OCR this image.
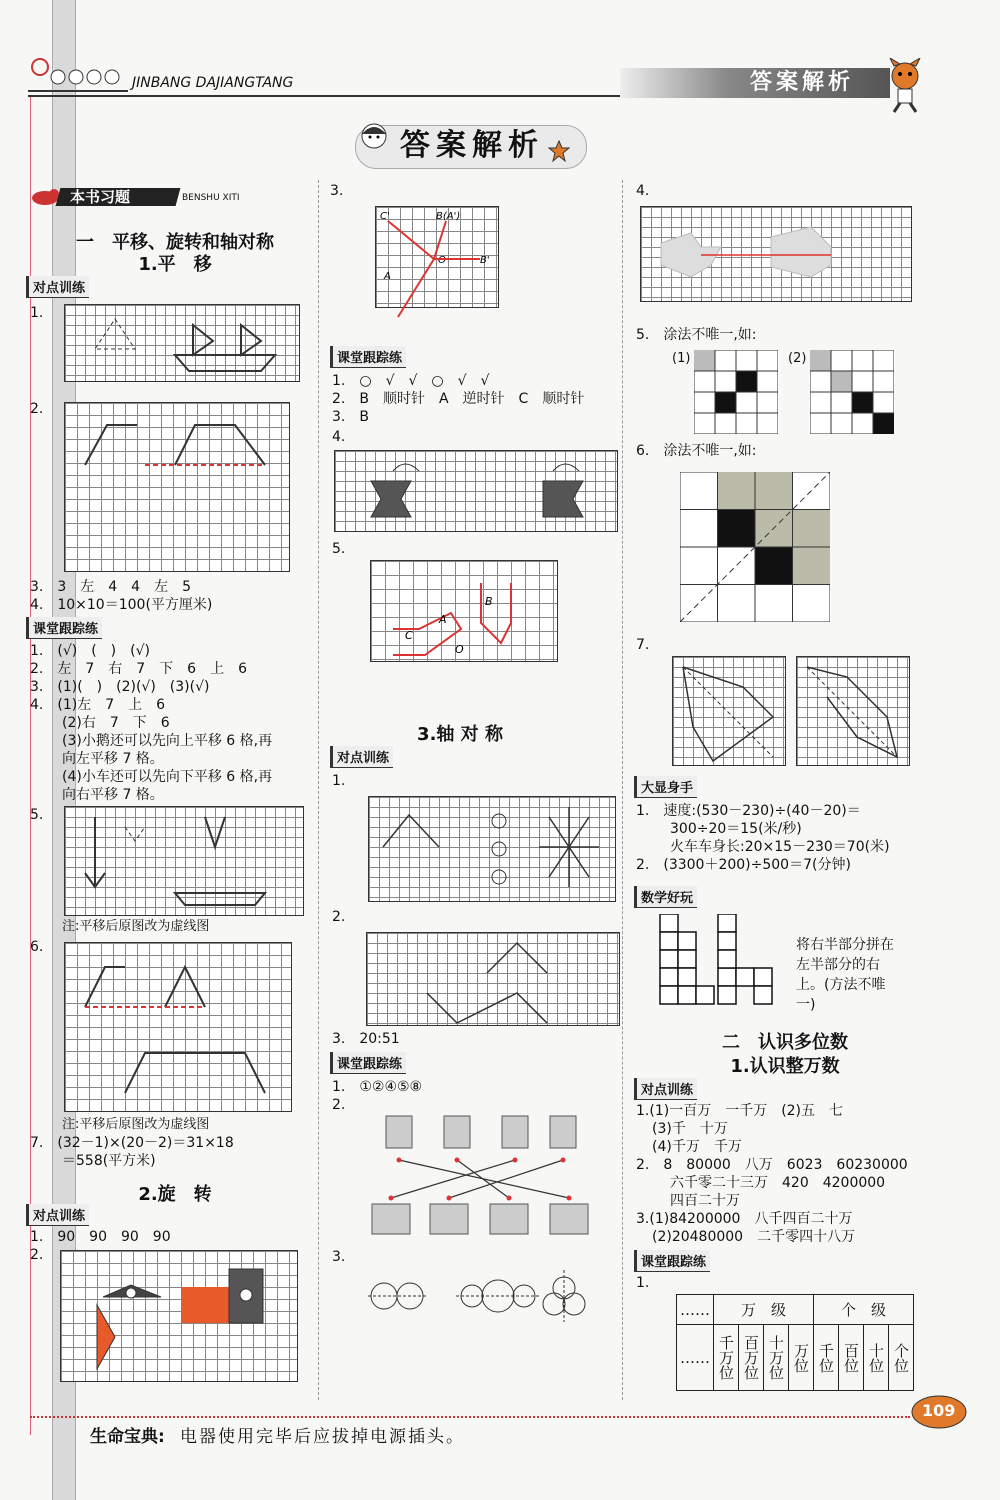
JINBANG DAJIANGTANG	答案解析
答案解析
本书习题	BENSHU XITI
一　平移、旋转和轴对称
1.平　移
对点训练
1.
2.
3.　3　左　4　4　左　5
4.　10×10＝100(平方厘米)
课堂跟踪练
1.　(√)　(　)　(√)
2.　左　7　右　7　下　6　上　6
3.　(1)(　)　(2)(√)　(3)(√)
4.　(1)左　7　上　6
(2)右　7　下　6
(3)小鹅还可以先向上平移 6 格,再
向左平移 7 格。
(4)小车还可以先向下平移 6 格,再
向右平移 7 格。
5.
注:平移后原图改为虚线图
6.
注:平移后原图改为虚线图
7.　(32－1)×(20－2)＝31×18
＝558(平方米)
2.旋　转
对点训练
1.　90　90　90　90
2.
3.
C'	B(A')
O	B'
A
课堂跟踪练
1.　○　√　√　○　√　√
2.　B　顺时针　A　逆时针　C　顺时针
3.　B
4.
5.
B
C
A
O
3.轴 对 称
对点训练
1.
2.
3.　20:51
课堂跟踪练
1.　①②④⑤⑧
2.
3.
4.
5.　涂法不唯一,如:
(1)	(2)
6.　涂法不唯一,如:
7.
大显身手
1.　速度:(530－230)÷(40－20)＝
300÷20＝15(米/秒)
火车车身长:20×15－230＝70(米)
2.　(3300＋200)÷500＝7(分钟)
数学好玩
将右半部分拼在
左半部分的右
上。(方法不唯
一)
二　认识多位数
1.认识整万数
对点训练
1.(1)一百万　一千万　(2)五　七
(3)千　十万
(4)千万　千万
2.　8　80000　八万　6023　60230000
六千零二十三万　420　4200000
四百二十万
3.(1)84200000　八千四百二十万
(2)20480000　二千零四十八万
课堂跟踪练
1.
……	万　级				个　级			
……	千万位	百万位	十万位	万位	千位	百位	十位	个位
生命宝典: 电器使用完毕后应拔掉电源插头。
109
